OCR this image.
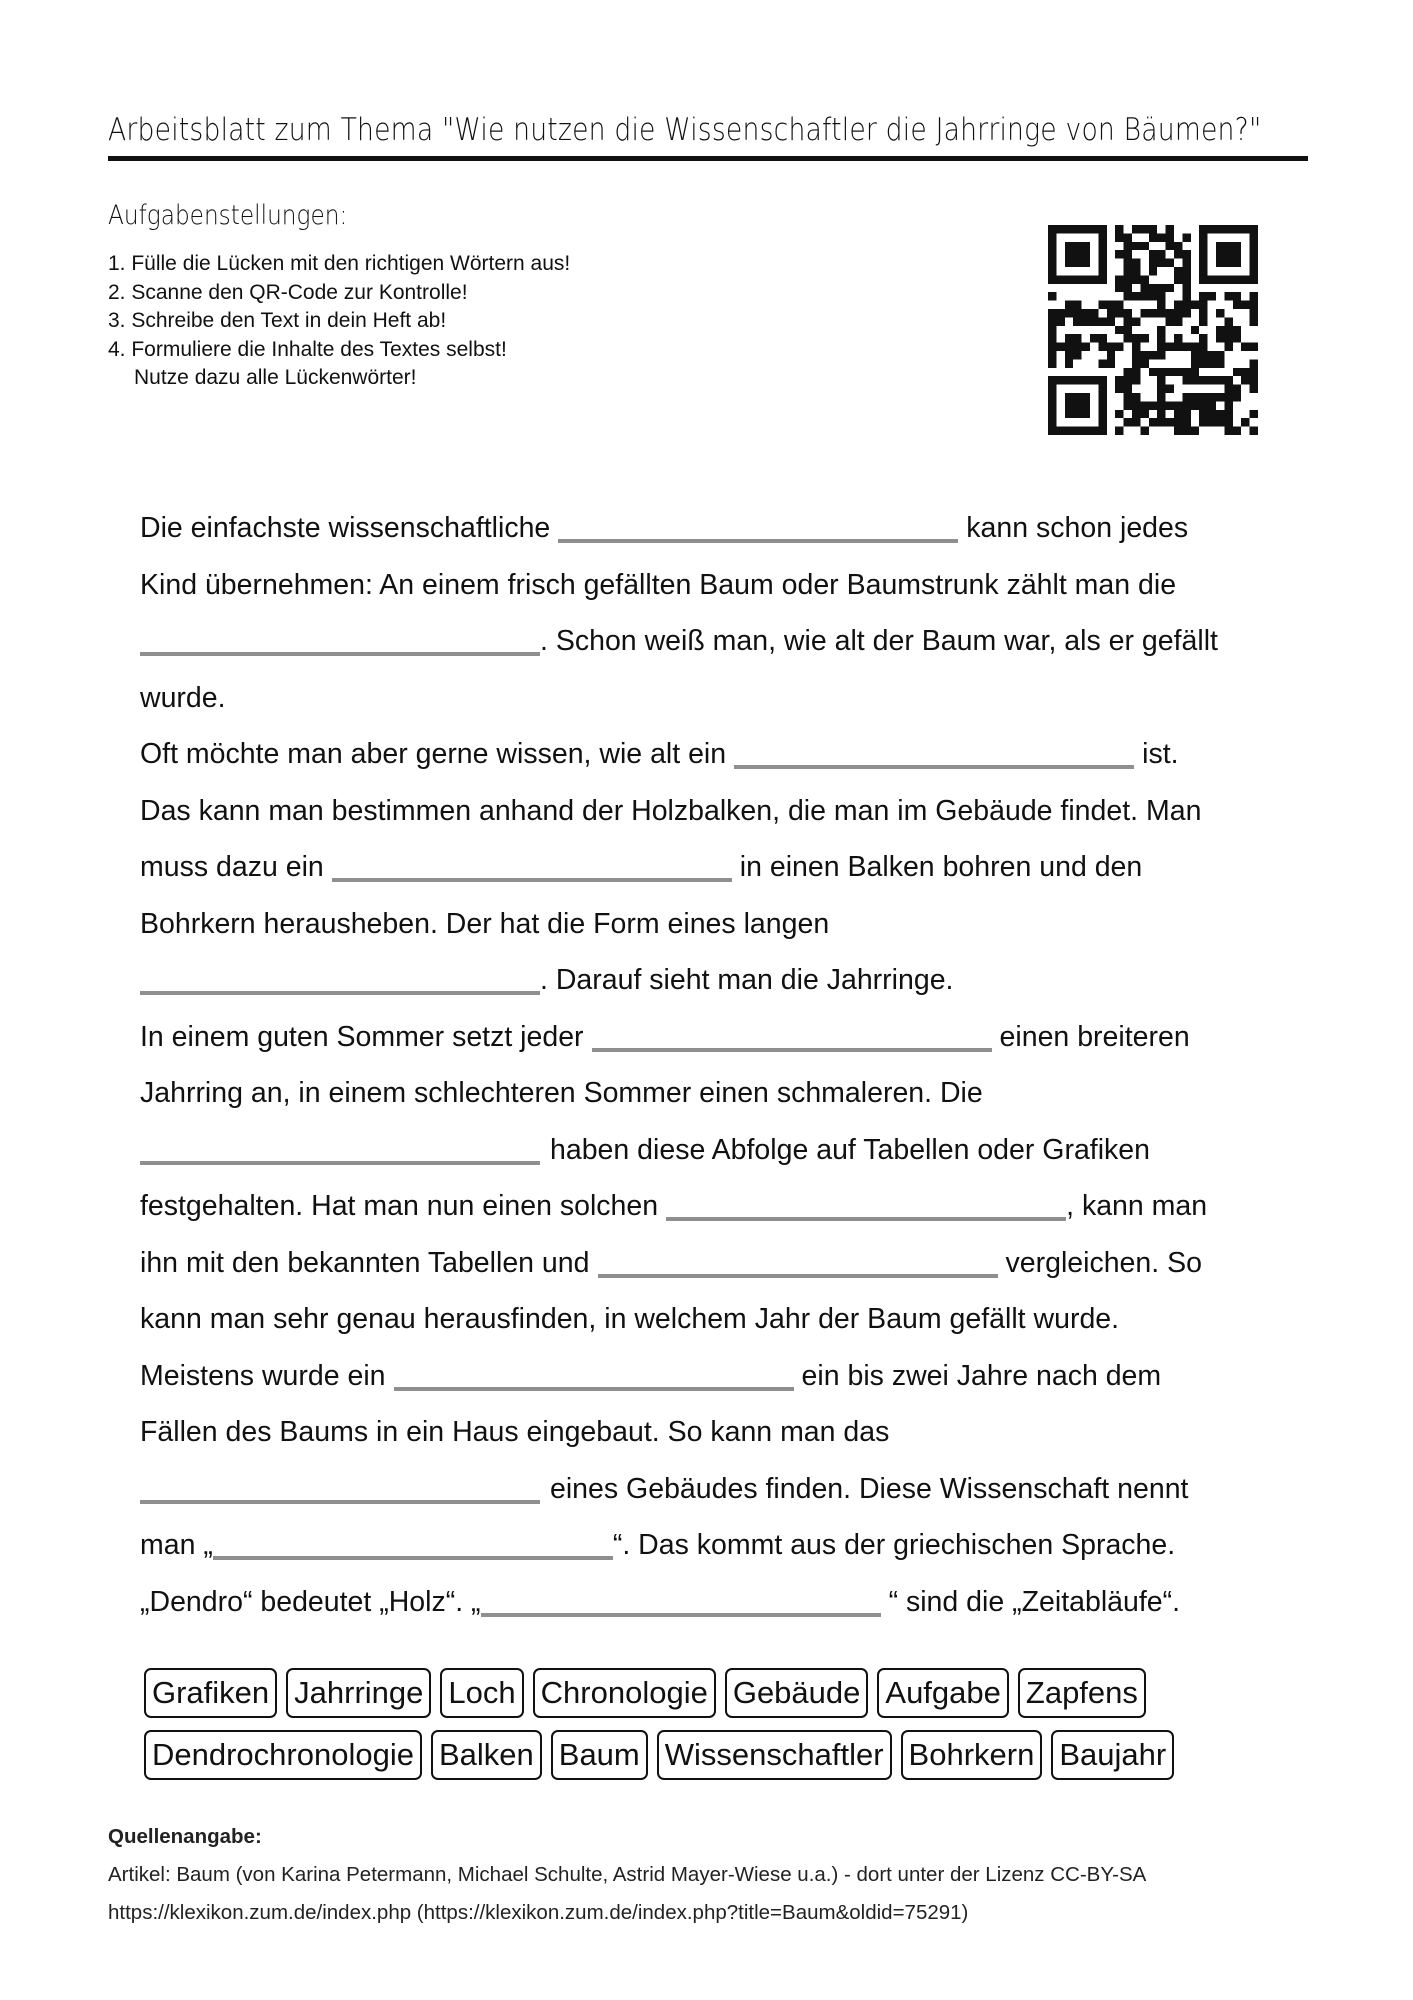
Arbeitsblatt zum Thema "Wie nutzen die Wissenschaftler die Jahrringe von Bäumen?"
Aufgabenstellungen:
1. Fülle die Lücken mit den richtigen Wörtern aus!
2. Scanne den QR-Code zur Kontrolle!
3. Schreibe den Text in dein Heft ab!
4. Formuliere die Inhalte des Textes selbst!
Nutze dazu alle Lückenwörter!
Die einfachste wissenschaftliche	kann schon jedes
Kind übernehmen: An einem frisch gefällten Baum oder Baumstrunk zählt man die
. Schon weiß man, wie alt der Baum war, als er gefällt
wurde.
Oft möchte man aber gerne wissen, wie alt ein	ist.
Das kann man bestimmen anhand der Holzbalken, die man im Gebäude findet. Man
muss dazu ein	in einen Balken bohren und den
Bohrkern herausheben. Der hat die Form eines langen
. Darauf sieht man die Jahrringe.
In einem guten Sommer setzt jeder	einen breiteren
Jahrring an, in einem schlechteren Sommer einen schmaleren. Die
haben diese Abfolge auf Tabellen oder Grafiken
festgehalten. Hat man nun einen solchen	, kann man
ihn mit den bekannten Tabellen und	vergleichen. So
kann man sehr genau herausfinden, in welchem Jahr der Baum gefällt wurde.
Meistens wurde ein	ein bis zwei Jahre nach dem
Fällen des Baums in ein Haus eingebaut. So kann man das
eines Gebäudes finden. Diese Wissenschaft nennt
man „	“. Das kommt aus der griechischen Sprache.
„Dendro“ bedeutet „Holz“. „	“ sind die „Zeitabläufe“.
Grafiken Jahrringe Loch Chronologie Gebäude Aufgabe Zapfens
Dendrochronologie Balken Baum Wissenschaftler Bohrkern Baujahr
Quellenangabe:
Artikel: Baum (von Karina Petermann, Michael Schulte, Astrid Mayer-Wiese u.a.) - dort unter der Lizenz CC-BY-SA
https://klexikon.zum.de/index.php (https://klexikon.zum.de/index.php?title=Baum&oldid=75291)
